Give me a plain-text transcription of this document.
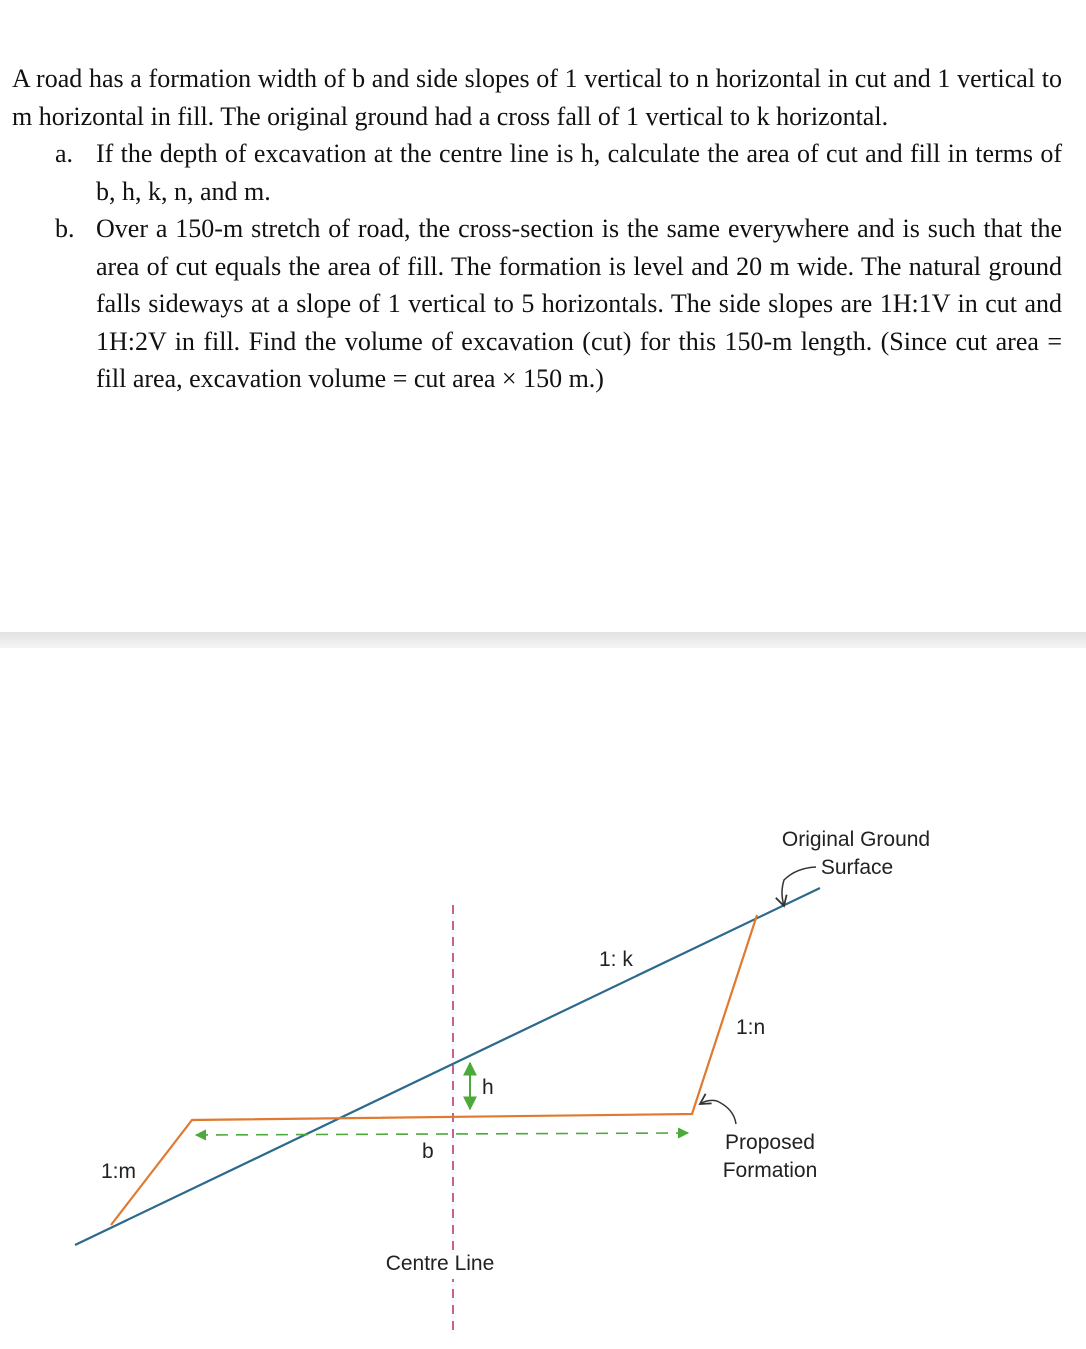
A road has a formation width of b and side slopes of 1 vertical to n horizontal in cut and 1 vertical to m horizontal in fill. The original ground had a cross fall of 1 vertical to k horizontal.

a. If the depth of excavation at the centre line is h, calculate the area of cut and fill in terms of b, h, k, n, and m.
b. Over a 150-m stretch of road, the cross-section is the same everywhere and is such that the area of cut equals the area of fill. The formation is level and 20 m wide. The natural ground falls sideways at a slope of 1 vertical to 5 horizontals. The side slopes are 1H:1V in cut and 1H:2V in fill. Find the volume of excavation (cut) for this 150-m length. (Since cut area = fill area, excavation volume = cut area × 150 m.)
Original Ground
Surface
1: k
1:n
h
b
1:m
Proposed
Formation
Centre Line
